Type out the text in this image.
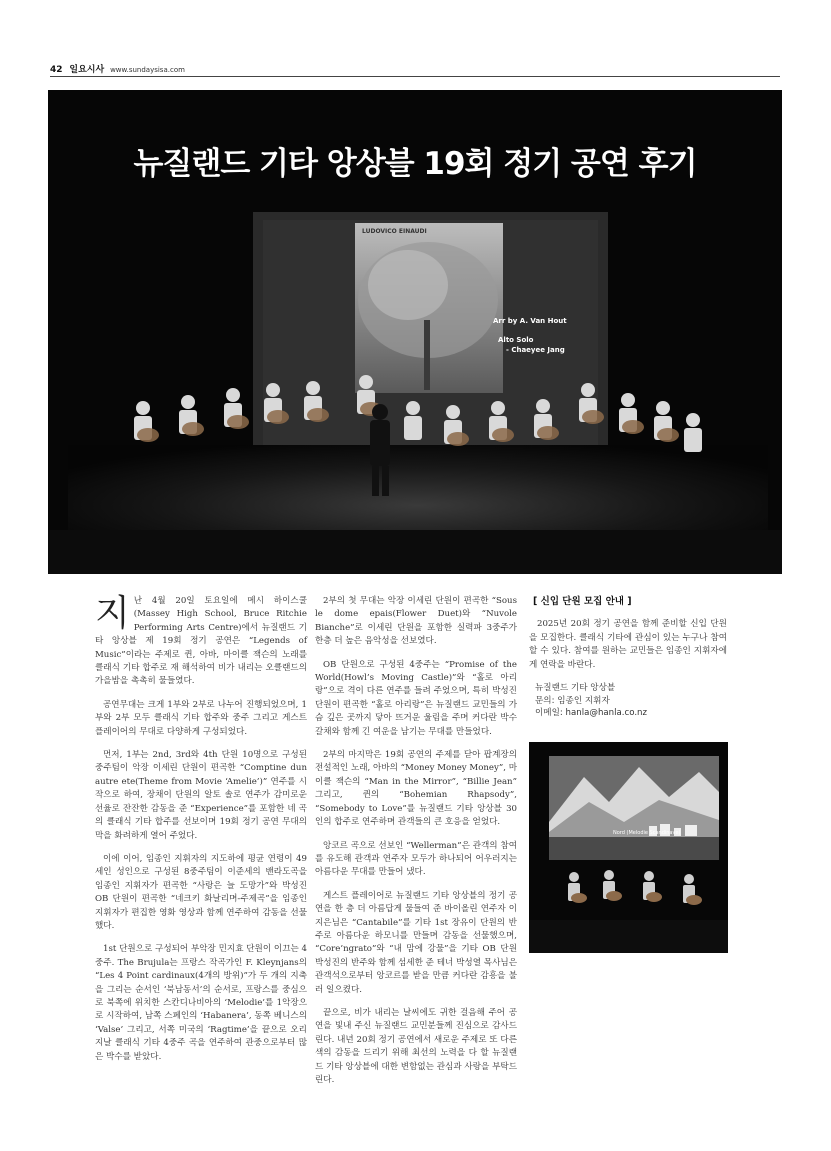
42 일요시사 www.sundaysisa.com
뉴질랜드 기타 앙상블 19회 정기 공연 후기
LUDOVICO EINAUDI
Arr by A. Van Hout
Alto Solo
- Chaeyee Jang

지난 4월 20일 토요일에 메시 하이스쿨(Massey High School, Bruce Ritchie Performing Arts Centre)에서 뉴질랜드 기타 앙상블 제 19회 정기 공연은 “Legends of Music”이라는 주제로 퀸, 아바, 마이클 잭슨의 노래를 클래식 기타 합주로 재 해석하여 비가 내리는 오클랜드의 가을밤을 촉촉히 물들였다.

공연무대는 크게 1부와 2부로 나누어 진행되었으며, 1부와 2부 모두 클래식 기타 합주와 중주 그리고 게스트 플레이어의 무대로 다양하게 구성되었다.

먼저, 1부는 2nd, 3rd와 4th 단원 10명으로 구성된 중주팀이 악장 이세린 단원이 편곡한 “Comptine dun autre ete(Theme from Movie ‘Amelie’)” 연주를 시작으로 하여, 장채이 단원의 알토 솔로 연주가 감미로운 선율로 잔잔한 감동을 준 “Experience”를 포함한 네 곡의 클래식 기타 합주를 선보이며 19회 정기 공연 무대의 막을 화려하게 열어 주었다.

이에 이어, 임종인 지휘자의 지도하에 평균 연령이 49세인 성인으로 구성된 8중주팀이 이준세의 밴라도곡을 임종인 지휘자가 편곡한 “사랑은 늘 도망가”와 박성진 OB 단원이 편곡한 “네크키 화날리며-주제곡”을 임종인 지휘자가 편집한 영화 영상과 함께 연주하여 감동을 선물했다.

1st 단원으로 구성되어 부악장 민지효 단원이 이끄는 4중주. The Brujula는 프랑스 작곡가인 F. Kleynjans의 “Les 4 Point cardinaux(4개의 방위)”가 두 개의 지축을 그리는 순서인 ‘북남동서’의 순서로, 프랑스를 중심으로 북쪽에 위치한 스칸디나비아의 ‘Melodie’를 1악장으로 시작하여, 남쪽 스페인의 ‘Habanera’, 동쪽 베니스의 ‘Valse’ 그리고, 서쪽 미국의 ‘Ragtime’을 끝으로 오리지날 클래식 기타 4중주 곡을 연주하여 관중으로부터 많은 박수를 받았다.

2부의 첫 무대는 악장 이세린 단원이 편곡한 “Sous le dome epais(Flower Duet)와 “Nuvole Bianche”로 이세린 단원을 포함한 실력파 3중주가 한층 더 높은 음악성을 선보였다.

OB 단원으로 구성된 4중주는 “Promise of the World(Howl’s Moving Castle)”와 “홀로 아리랑”으로 격이 다른 연주를 들려 주었으며, 특히 박성진 단원이 편곡한 “홀로 아리랑”은 뉴질랜드 교민들의 가슴 깊은 곳까지 닿아 뜨거운 울림을 주며 커다란 박수갈채와 함께 긴 여운을 남기는 무대를 만들었다.

2부의 마지막은 19회 공연의 주제를 닫아 팝계장의 전설적인 노래, 아바의 “Money Money Money”, 마이클 잭슨의 “Man in the Mirror”, “Billie Jean” 그리고, 퀸의 “Bohemian Rhapsody”, “Somebody to Love”를 뉴질랜드 기타 앙상블 30인의 합주로 연주하며 관객들의 큰 호응을 얻었다.

앙코르 곡으로 선보인 “Wellerman”은 관객의 참여를 유도해 관객과 연주자 모두가 하나되어 어우러지는 아름다운 무대를 만들어 냈다.

게스트 플레이어로 뉴질랜드 기타 앙상블의 정기 공연을 한 층 더 아름답게 물들여 준 바이올린 연주자 이지은님은 “Cantabile”를 기타 1st 장유이 단원의 반주로 아름다운 하모니를 만들며 감동을 선물했으며, “Core’ngrato”와 “내 맘에 강물”을 기타 OB 단원 박성진의 반주와 함께 섬세한 준 테너 박성열 목사님은 관객석으로부터 앙코르를 받을 만큼 커다란 감흥을 불러 일으켰다.

끝으로, 비가 내리는 날씨에도 귀한 걸음해 주어 공연을 빛내 주신 뉴질랜드 교민분들께 진심으로 감사드린다. 내년 20회 정기 공연에서 새로운 주제로 또 다른 색의 감동을 드리기 위해 최선의 노력을 다 할 뉴질랜드 기타 앙상블에 대한 변함없는 관심과 사랑을 부탁드린다.

[ 신입 단원 모집 안내 ]

2025년 20회 정기 공연을 함께 준비할 신입 단원을 모집한다. 클래식 기타에 관심이 있는 누구나 참여할 수 있다. 참여를 원하는 교민들은 임종인 지휘자에게 연락을 바란다.

뉴질랜드 기타 앙상블
문의: 임종인 지휘자
이메일: hanla@hanla.co.nz
Nord (Melodie Scandinave)
